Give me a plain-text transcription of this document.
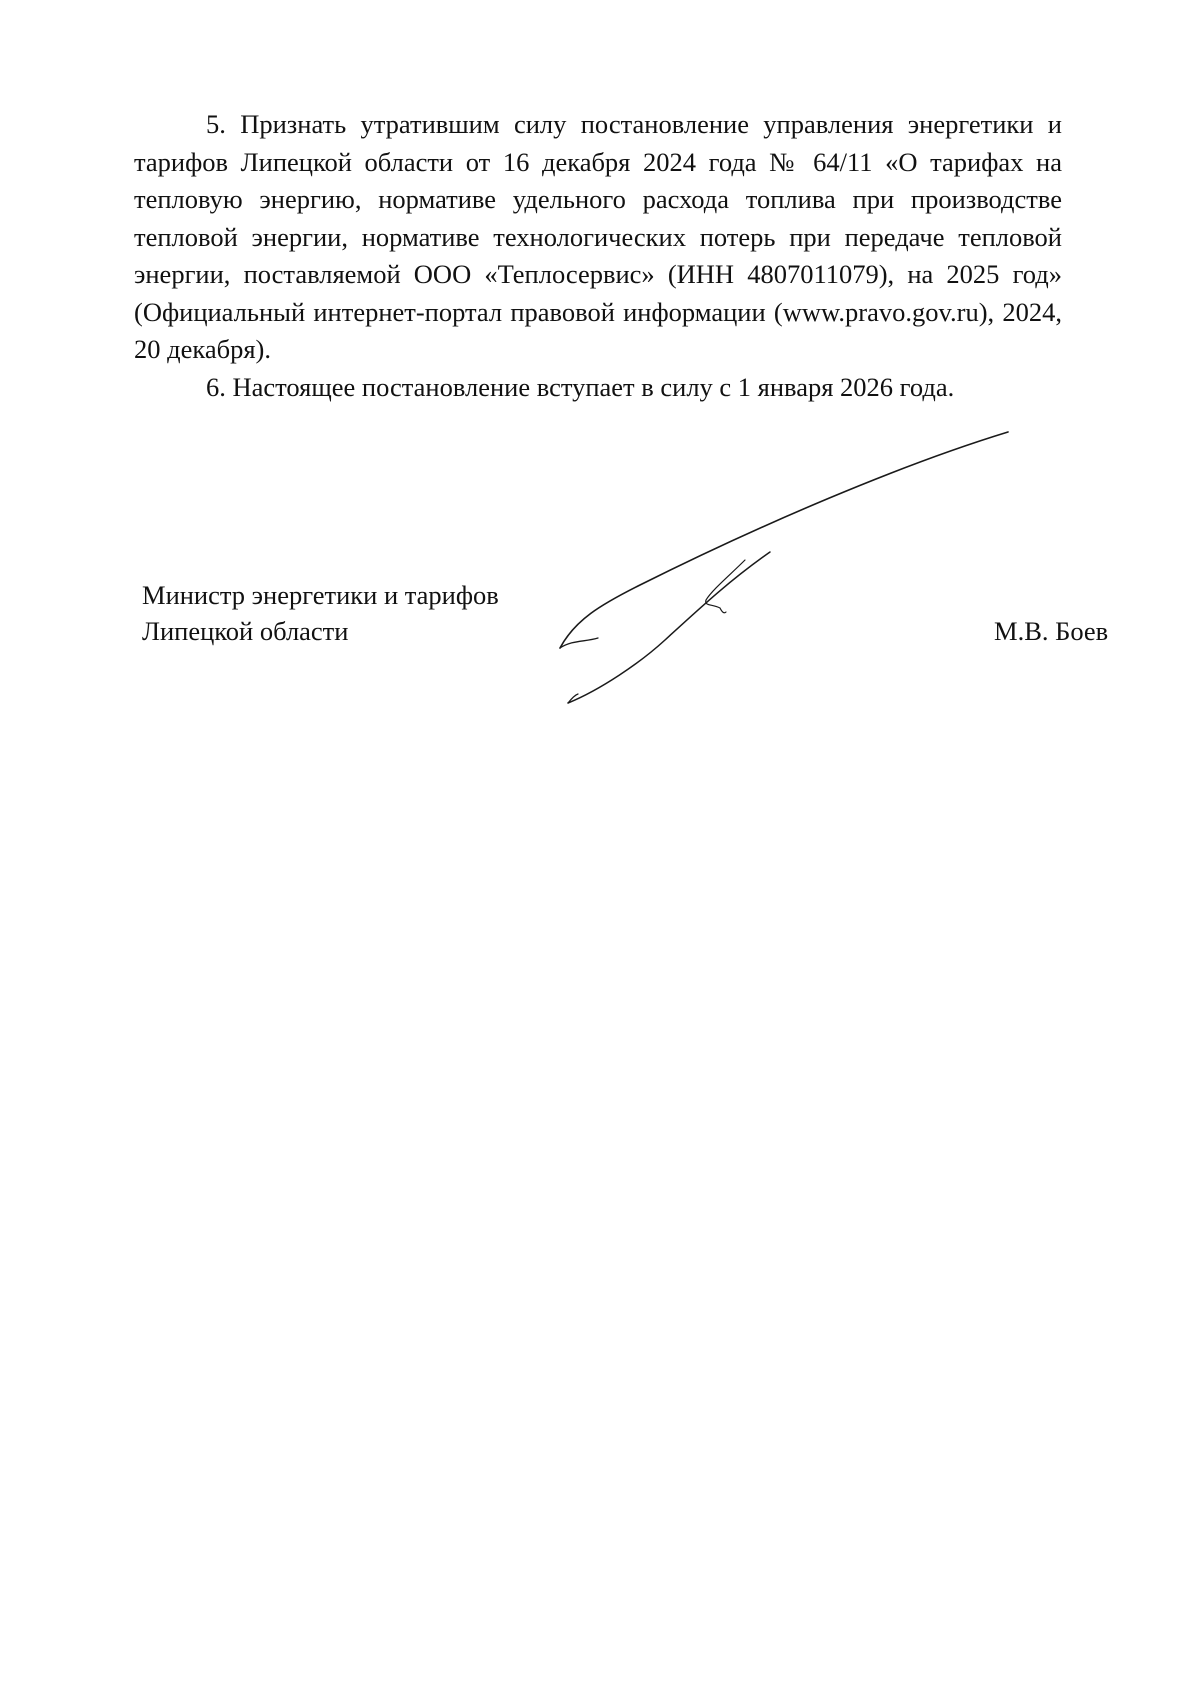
5. Признать утратившим силу постановление управления энергетики и тарифов Липецкой области от 16 декабря 2024 года № 64/11 «О тарифах на тепловую энергию, нормативе удельного расхода топлива при производстве тепловой энергии, нормативе технологических потерь при передаче тепловой энергии, поставляемой ООО «Теплосервис» (ИНН 4807011079), на 2025 год» (Официальный интернет-портал правовой информации (www.pravo.gov.ru), 2024, 20 декабря).

6. Настоящее постановление вступает в силу с 1 января 2026 года.

Министр энергетики и тарифов
Липецкой области	М.В. Боев
